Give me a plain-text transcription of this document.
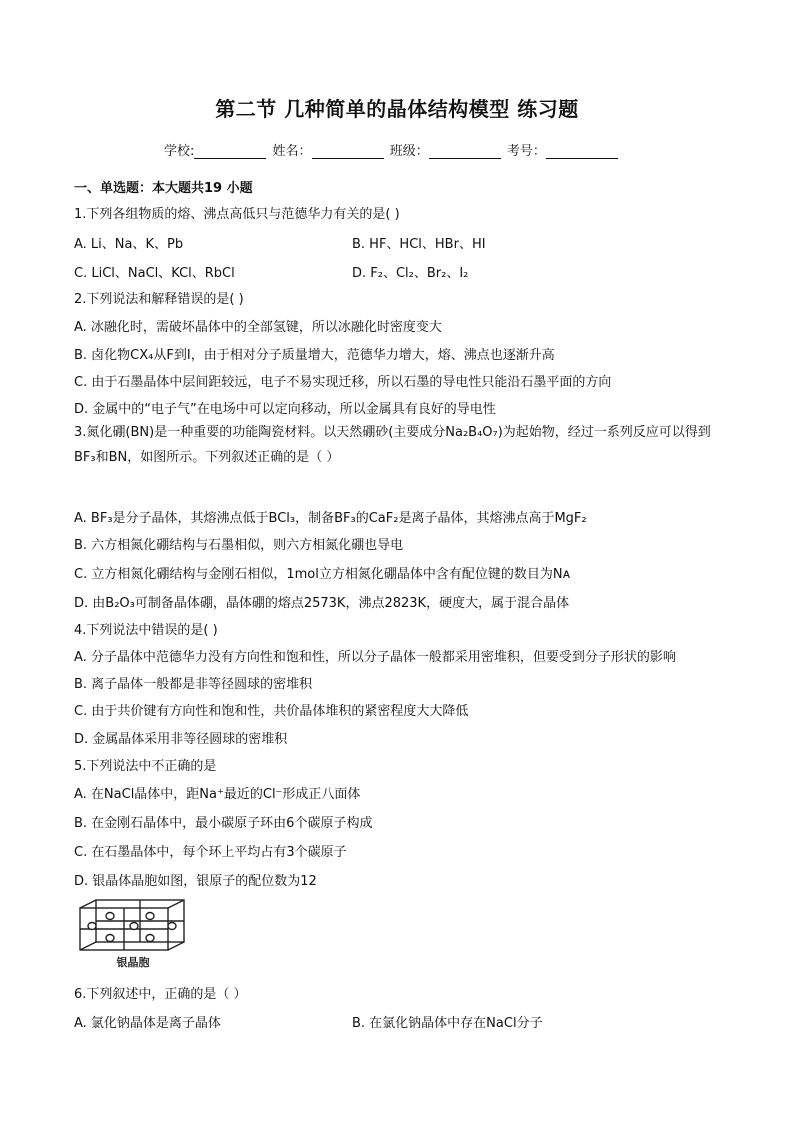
第二节 几种简单的晶体结构模型 练习题
学校:	姓名：	班级：	考号：
一、单选题：本大题共19 小题
1.下列各组物质的熔、沸点高低只与范德华力有关的是( )
A. Li、Na、K、Pb	B. HF、HCl、HBr、HI
C. LiCl、NaCl、KCl、RbCl	D. F₂、Cl₂、Br₂、I₂
2.下列说法和解释错误的是( )
A. 冰融化时，需破坏晶体中的全部氢键，所以冰融化时密度变大
B. 卤化物CX₄从F到I，由于相对分子质量增大，范德华力增大，熔、沸点也逐渐升高
C. 由于石墨晶体中层间距较远，电子不易实现迁移，所以石墨的导电性只能沿石墨平面的方向
D. 金属中的“电子气”在电场中可以定向移动，所以金属具有良好的导电性
3.氮化硼(BN)是一种重要的功能陶瓷材料。以天然硼砂(主要成分Na₂B₄O₇)为起始物，经过一系列反应可以得到BF₃和BN，如图所示。下列叙述正确的是（ ）
A. BF₃是分子晶体，其熔沸点低于BCl₃，制备BF₃的CaF₂是离子晶体，其熔沸点高于MgF₂
B. 六方相氮化硼结构与石墨相似，则六方相氮化硼也导电
C. 立方相氮化硼结构与金刚石相似，1mol立方相氮化硼晶体中含有配位键的数目为Nᴀ
D. 由B₂O₃可制备晶体硼，晶体硼的熔点2573K，沸点2823K，硬度大，属于混合晶体
4.下列说法中错误的是( )
A. 分子晶体中范德华力没有方向性和饱和性，所以分子晶体一般都采用密堆积，但要受到分子形状的影响
B. 离子晶体一般都是非等径圆球的密堆积
C. 由于共价键有方向性和饱和性，共价晶体堆积的紧密程度大大降低
D. 金属晶体采用非等径圆球的密堆积
5.下列说法中不正确的是
A. 在NaCl晶体中，距Na⁺最近的Cl⁻形成正八面体
B. 在金刚石晶体中，最小碳原子环由6个碳原子构成
C. 在石墨晶体中，每个环上平均占有3个碳原子
D. 银晶体晶胞如图，银原子的配位数为12
银晶胞
6.下列叙述中，正确的是（ ）
A. 氯化钠晶体是离子晶体	B. 在氯化钠晶体中存在NaCl分子
